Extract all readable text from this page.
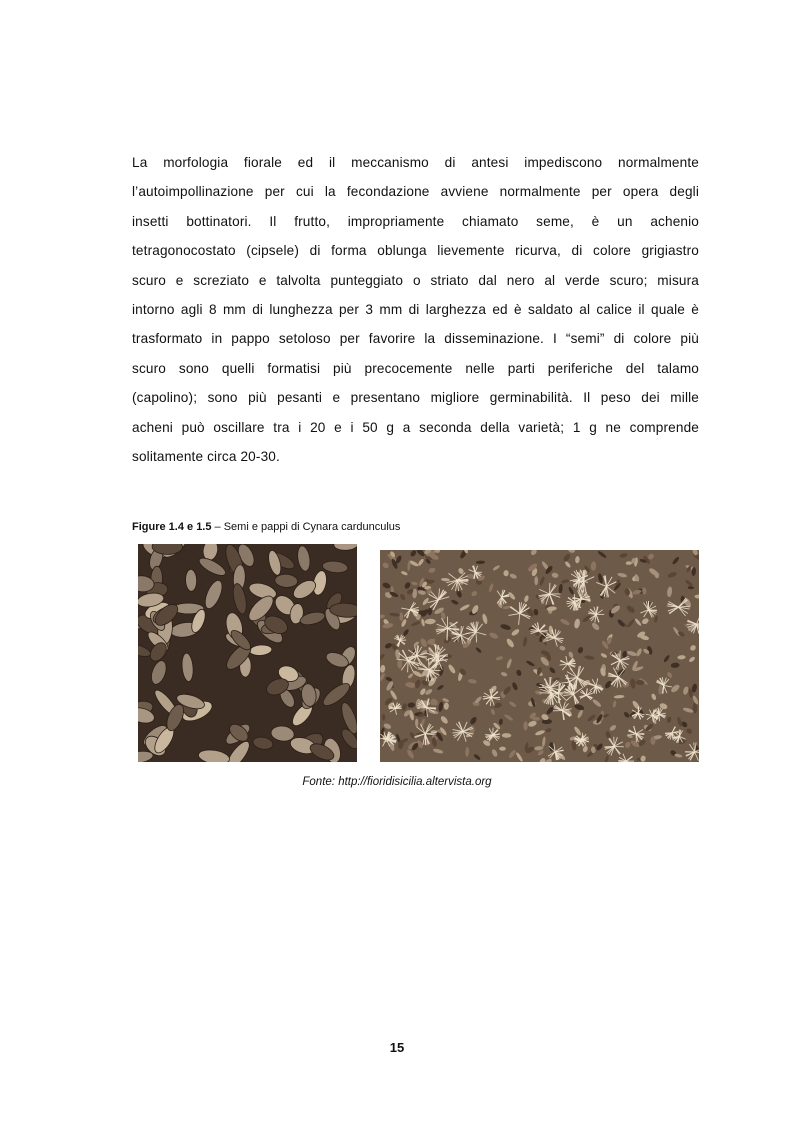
La morfologia fiorale ed il meccanismo di antesi impediscono normalmente
l’autoimpollinazione per cui la fecondazione avviene normalmente per opera degli
insetti bottinatori. Il frutto, impropriamente chiamato seme, è un achenio
tetragonocostato (cipsele) di forma oblunga lievemente ricurva, di colore grigiastro
scuro e screziato e talvolta punteggiato o striato dal nero al verde scuro; misura
intorno agli 8 mm di lunghezza per 3 mm di larghezza ed è saldato al calice il quale è
trasformato in pappo setoloso per favorire la disseminazione. I “semi” di colore più
scuro sono quelli formatisi più precocemente nelle parti periferiche del talamo
(capolino); sono più pesanti e presentano migliore germinabilità. Il peso dei mille
acheni può oscillare tra i 20 e i 50 g a seconda della varietà; 1 g ne comprende
solitamente circa 20-30.
Figure 1.4 e 1.5 – Semi e pappi di Cynara cardunculus
Fonte: http://fioridisicilia.altervista.org
15
